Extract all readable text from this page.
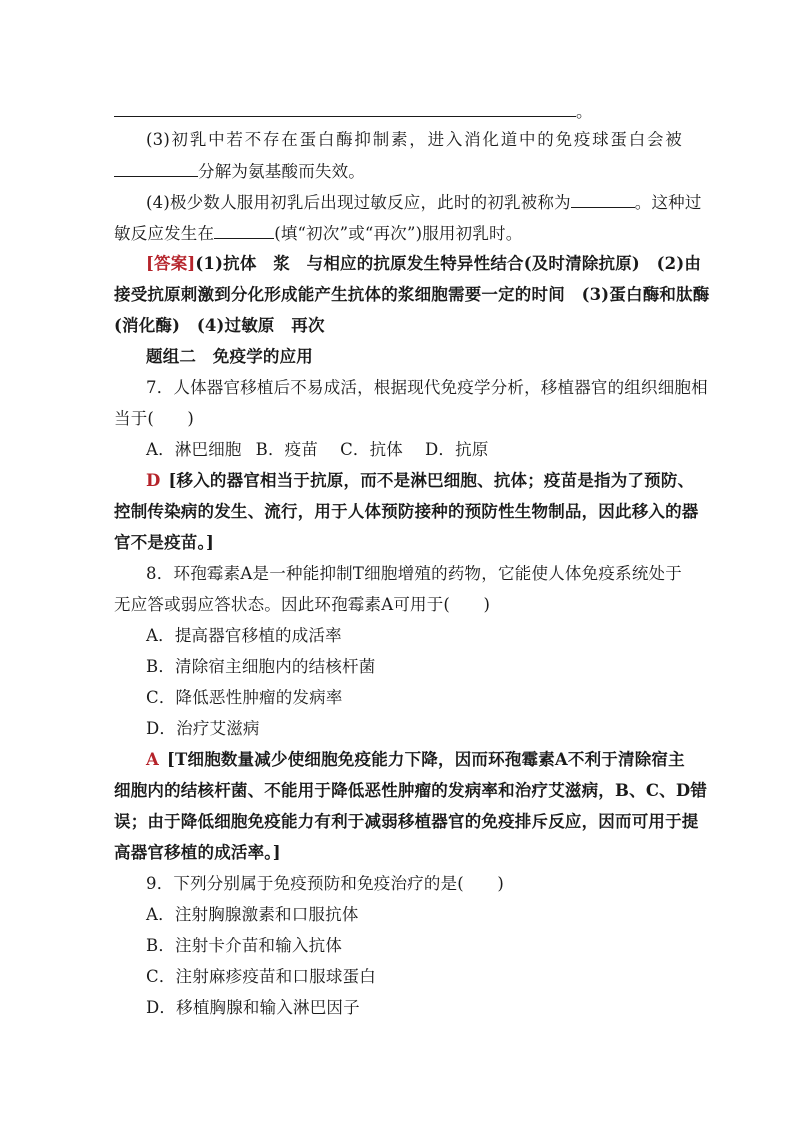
。
(3)初乳中若不存在蛋白酶抑制素，进入消化道中的免疫球蛋白会被
分解为氨基酸而失效。
(4)极少数人服用初乳后出现过敏反应，此时的初乳被称为	。这种过
敏反应发生在	(填“初次”或“再次”)服用初乳时。
[答案](1)抗体　浆　与相应的抗原发生特异性结合(及时清除抗原)　(2)由
接受抗原刺激到分化形成能产生抗体的浆细胞需要一定的时间　(3)蛋白酶和肽酶
(消化酶)　(4)过敏原　再次
题组二　免疫学的应用
7．人体器官移植后不易成活，根据现代免疫学分析，移植器官的组织细胞相
当于(　　)
A．淋巴细胞 B．疫苗 C．抗体 D．抗原
D [移入的器官相当于抗原，而不是淋巴细胞、抗体；疫苗是指为了预防、
控制传染病的发生、流行，用于人体预防接种的预防性生物制品，因此移入的器
官不是疫苗。]
8．环孢霉素A是一种能抑制T细胞增殖的药物，它能使人体免疫系统处于
无应答或弱应答状态。因此环孢霉素A可用于(　　)
A．提高器官移植的成活率
B．清除宿主细胞内的结核杆菌
C．降低恶性肿瘤的发病率
D．治疗艾滋病
A [T细胞数量减少使细胞免疫能力下降，因而环孢霉素A不利于清除宿主
细胞内的结核杆菌、不能用于降低恶性肿瘤的发病率和治疗艾滋病，B、C、D错
误；由于降低细胞免疫能力有利于减弱移植器官的免疫排斥反应，因而可用于提
高器官移植的成活率。]
9．下列分别属于免疫预防和免疫治疗的是(　　)
A．注射胸腺激素和口服抗体
B．注射卡介苗和输入抗体
C．注射麻疹疫苗和口服球蛋白
D．移植胸腺和输入淋巴因子
